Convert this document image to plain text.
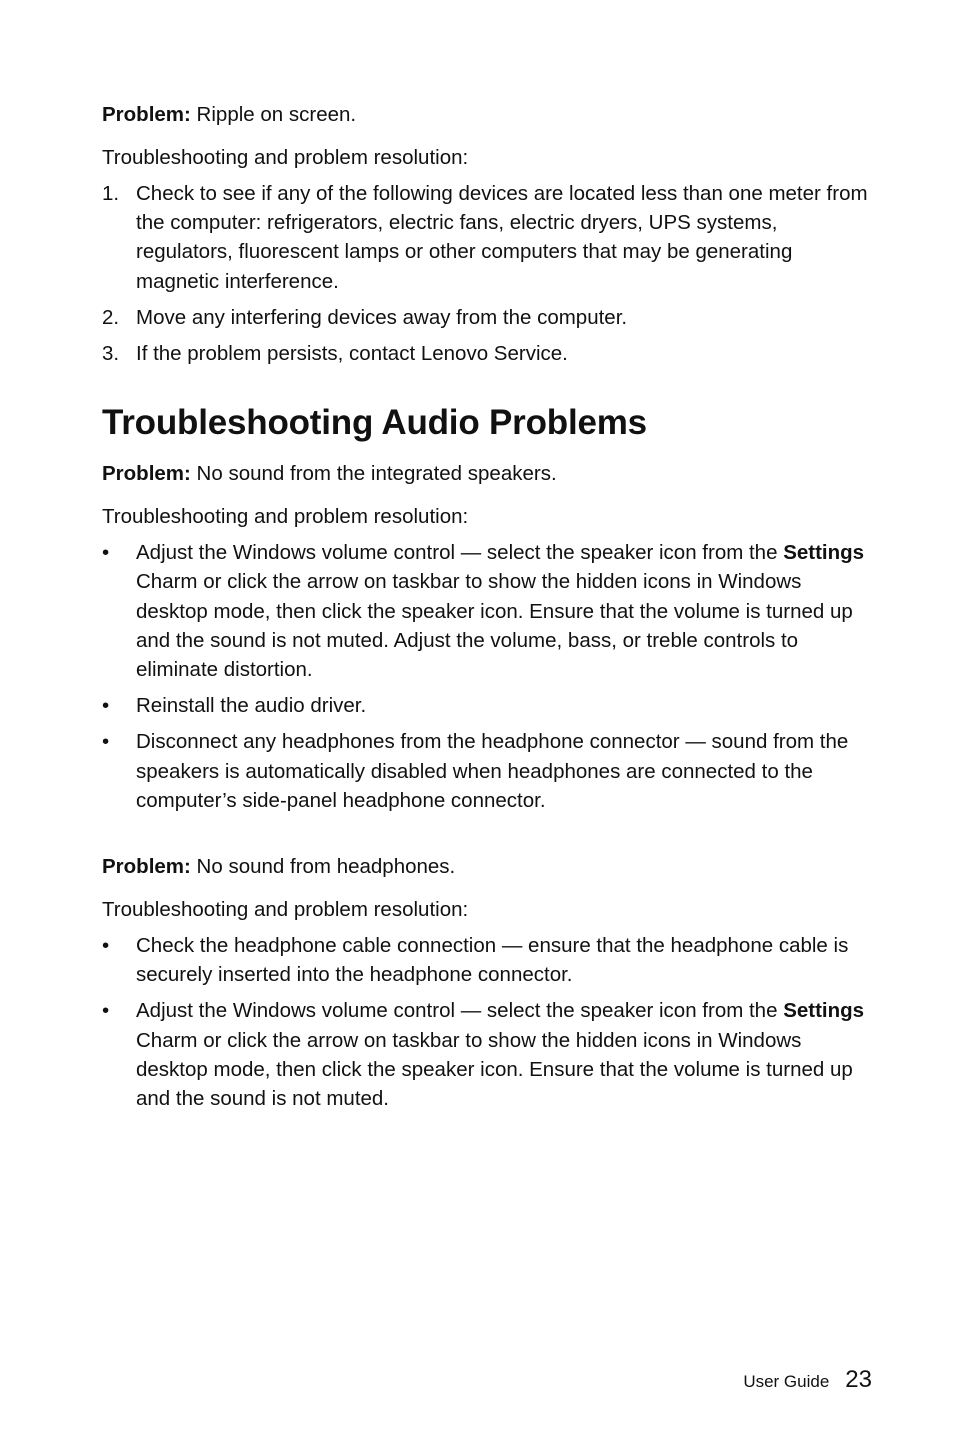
Problem: Ripple on screen.

Troubleshooting and problem resolution:

1. Check to see if any of the following devices are located less than one meter from the computer: refrigerators, electric fans, electric dryers, UPS systems, regulators, fluorescent lamps or other computers that may be generating magnetic interference.
2. Move any interfering devices away from the computer.
3. If the problem persists, contact Lenovo Service.
Troubleshooting Audio Problems

Problem: No sound from the integrated speakers.

Troubleshooting and problem resolution:

• Adjust the Windows volume control — select the speaker icon from the Settings Charm or click the arrow on taskbar to show the hidden icons in Windows desktop mode, then click the speaker icon. Ensure that the volume is turned up and the sound is not muted. Adjust the volume, bass, or treble controls to eliminate distortion.
• Reinstall the audio driver.
• Disconnect any headphones from the headphone connector — sound from the speakers is automatically disabled when headphones are connected to the computer’s side-panel headphone connector.

Problem: No sound from headphones.

Troubleshooting and problem resolution:

• Check the headphone cable connection — ensure that the headphone cable is securely inserted into the headphone connector.
• Adjust the Windows volume control — select the speaker icon from the Settings Charm or click the arrow on taskbar to show the hidden icons in Windows desktop mode, then click the speaker icon. Ensure that the volume is turned up and the sound is not muted.
User Guide 23
